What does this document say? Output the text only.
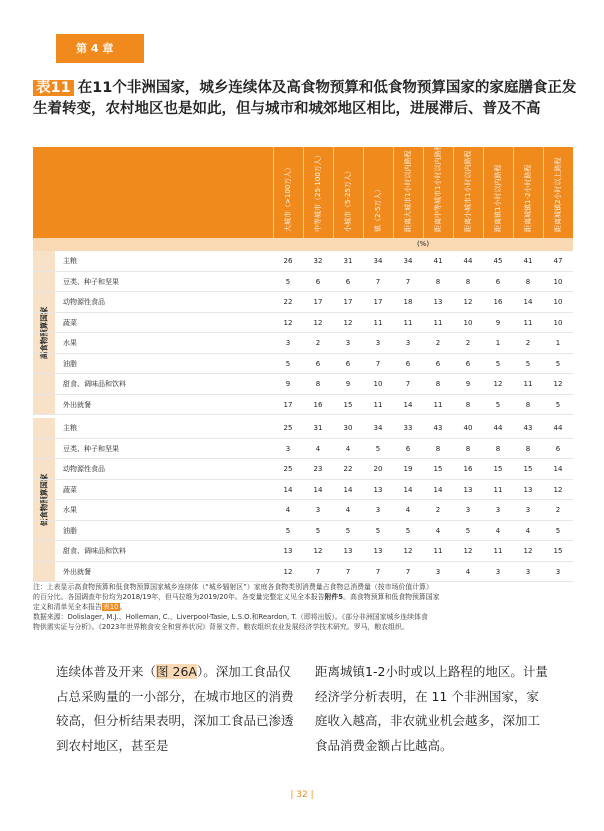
第 4 章
表11 在11个非洲国家，城乡连续体及高食物预算和低食物预算国家的家庭膳食正发生着转变，农村地区也是如此，但与城市和城郊地区相比，进展滞后、普及不高
大城市（>100万人）	中等城市（25-100万人）	小城市（5-25万人）	镇（2-5万人）	距离大城市1小时以内路程	距离中等城市1小时以内路程	距离小城市1小时以内路程	距离镇1小时以内路程	距离城镇1-2小时路程	距离城镇2小时以上路程
(%)
高食物预算国家
主粮	26	32	31	34	34	41	44	45	41	47
豆类、种子和坚果	5	6	6	7	7	8	8	6	8	10
动物源性食品	22	17	17	17	18	13	12	16	14	10
蔬菜	12	12	12	11	11	11	10	9	11	10
水果	3	2	3	3	3	2	2	1	2	1
油脂	5	6	6	7	6	6	6	5	5	5
甜食、调味品和饮料	9	8	9	10	7	8	9	12	11	12
外出就餐	17	16	15	11	14	11	8	5	8	5
低食物预算国家
主粮	25	31	30	34	33	43	40	44	43	44
豆类、种子和坚果	3	4	4	5	6	8	8	8	8	6
动物源性食品	25	23	22	20	19	15	16	15	15	14
蔬菜	14	14	14	13	14	14	13	11	13	12
水果	4	3	4	3	4	2	3	3	3	2
油脂	5	5	5	5	5	4	5	4	4	5
甜食、调味品和饮料	13	12	13	13	12	11	12	11	12	15
外出就餐	12	7	7	7	7	3	4	3	3	3
注：上表显示高食物预算和低食物预算国家城乡连续体（“城乡辐射区”）家庭各食物类别消费量占食物总消费量（按市场价值计算）
的百分比。各国调查年份均为2018/19年，但马拉维为2019/20年。各变量完整定义见全本报告附件5。高食物预算和低食物预算国家
定义和清单见全本报告表10。
数据来源：Dolislager, M.J.、Holleman, C.、Liverpool-Tasie, L.S.O.和Reardon, T.（即将出版）。《部分非洲国家城乡连续体食
物供需实证与分析》。《2023年世界粮食安全和营养状况》背景文件。粮农组织农业发展经济学技术研究。罗马，粮农组织。
连续体普及开来（图 26A）。深加工食品仅占总采购量的一小部分，在城市地区的消费较高，但分析结果表明，深加工食品已渗透到农村地区，甚至是
距离城镇1-2小时或以上路程的地区。计量经济学分析表明，在 11 个非洲国家，家庭收入越高，非农就业机会越多，深加工食品消费金额占比越高。
| 32 |
